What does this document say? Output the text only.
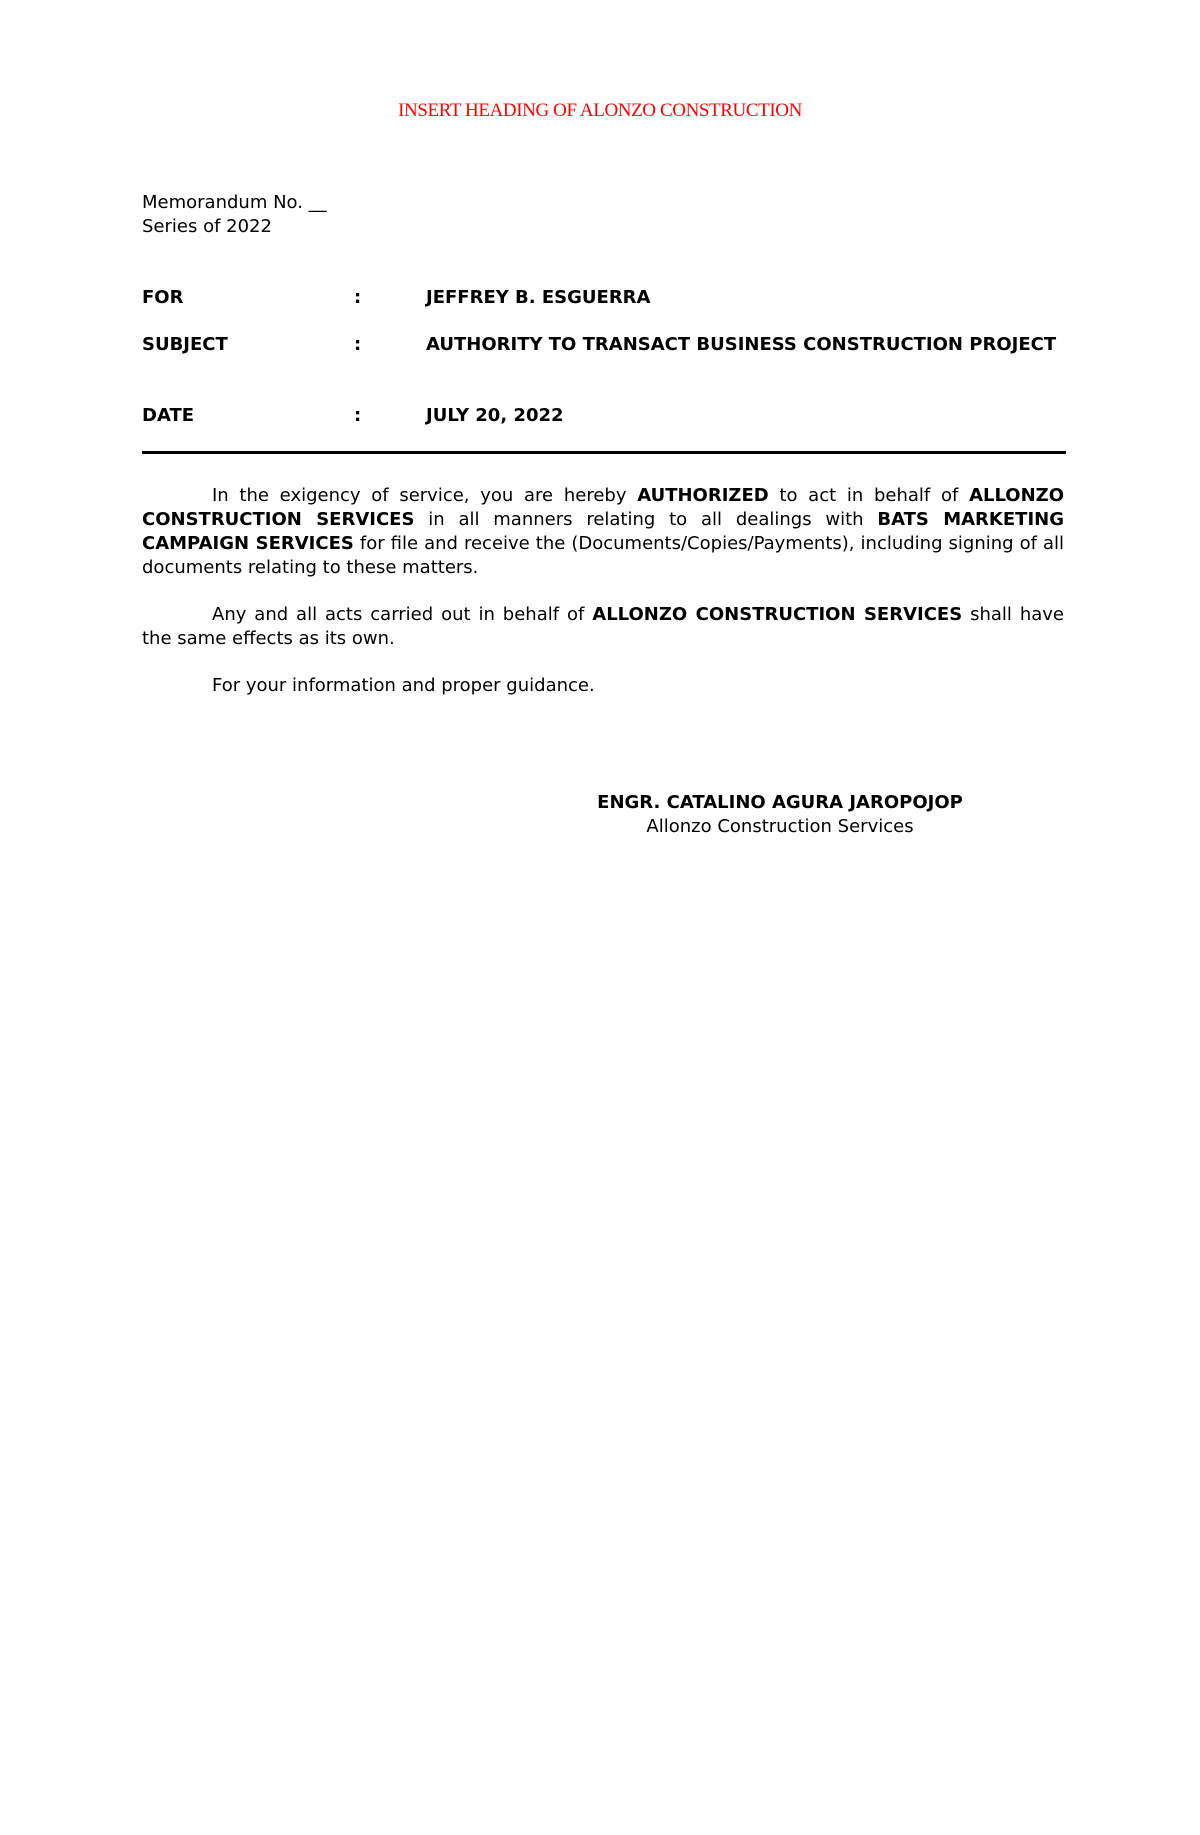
INSERT HEADING OF ALONZO CONSTRUCTION
Memorandum No. __
Series of 2022
FOR	:	JEFFREY B. ESGUERRA
SUBJECT	:	AUTHORITY TO TRANSACT BUSINESS CONSTRUCTION PROJECT
DATE	:	JULY 20, 2022
In the exigency of service, you are hereby AUTHORIZED to act in behalf of ALLONZO CONSTRUCTION SERVICES in all manners relating to all dealings with BATS MARKETING CAMPAIGN SERVICES for file and receive the (Documents/Copies/Payments), including signing of all documents relating to these matters.
Any and all acts carried out in behalf of ALLONZO CONSTRUCTION SERVICES shall have the same effects as its own.
For your information and proper guidance.
ENGR. CATALINO AGURA JAROPOJOP
Allonzo Construction Services
